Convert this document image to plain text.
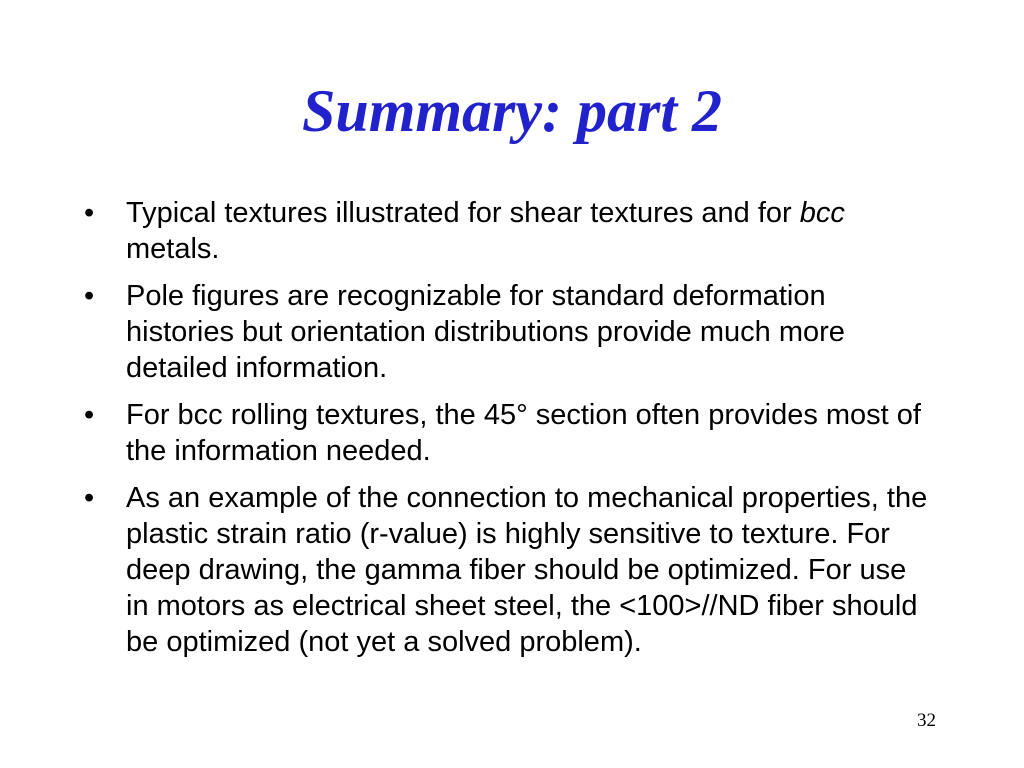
Summary: part 2
•	Typical textures illustrated for shear textures and for bcc metals.
•	Pole figures are recognizable for standard deformation histories but orientation distributions provide much more detailed information.
•	For bcc rolling textures, the 45° section often provides most of the information needed.
•	As an example of the connection to mechanical properties, the plastic strain ratio (r-value) is highly sensitive to texture. For deep drawing, the gamma fiber should be optimized. For use in motors as electrical sheet steel, the <100>//ND fiber should be optimized (not yet a solved problem).
32
